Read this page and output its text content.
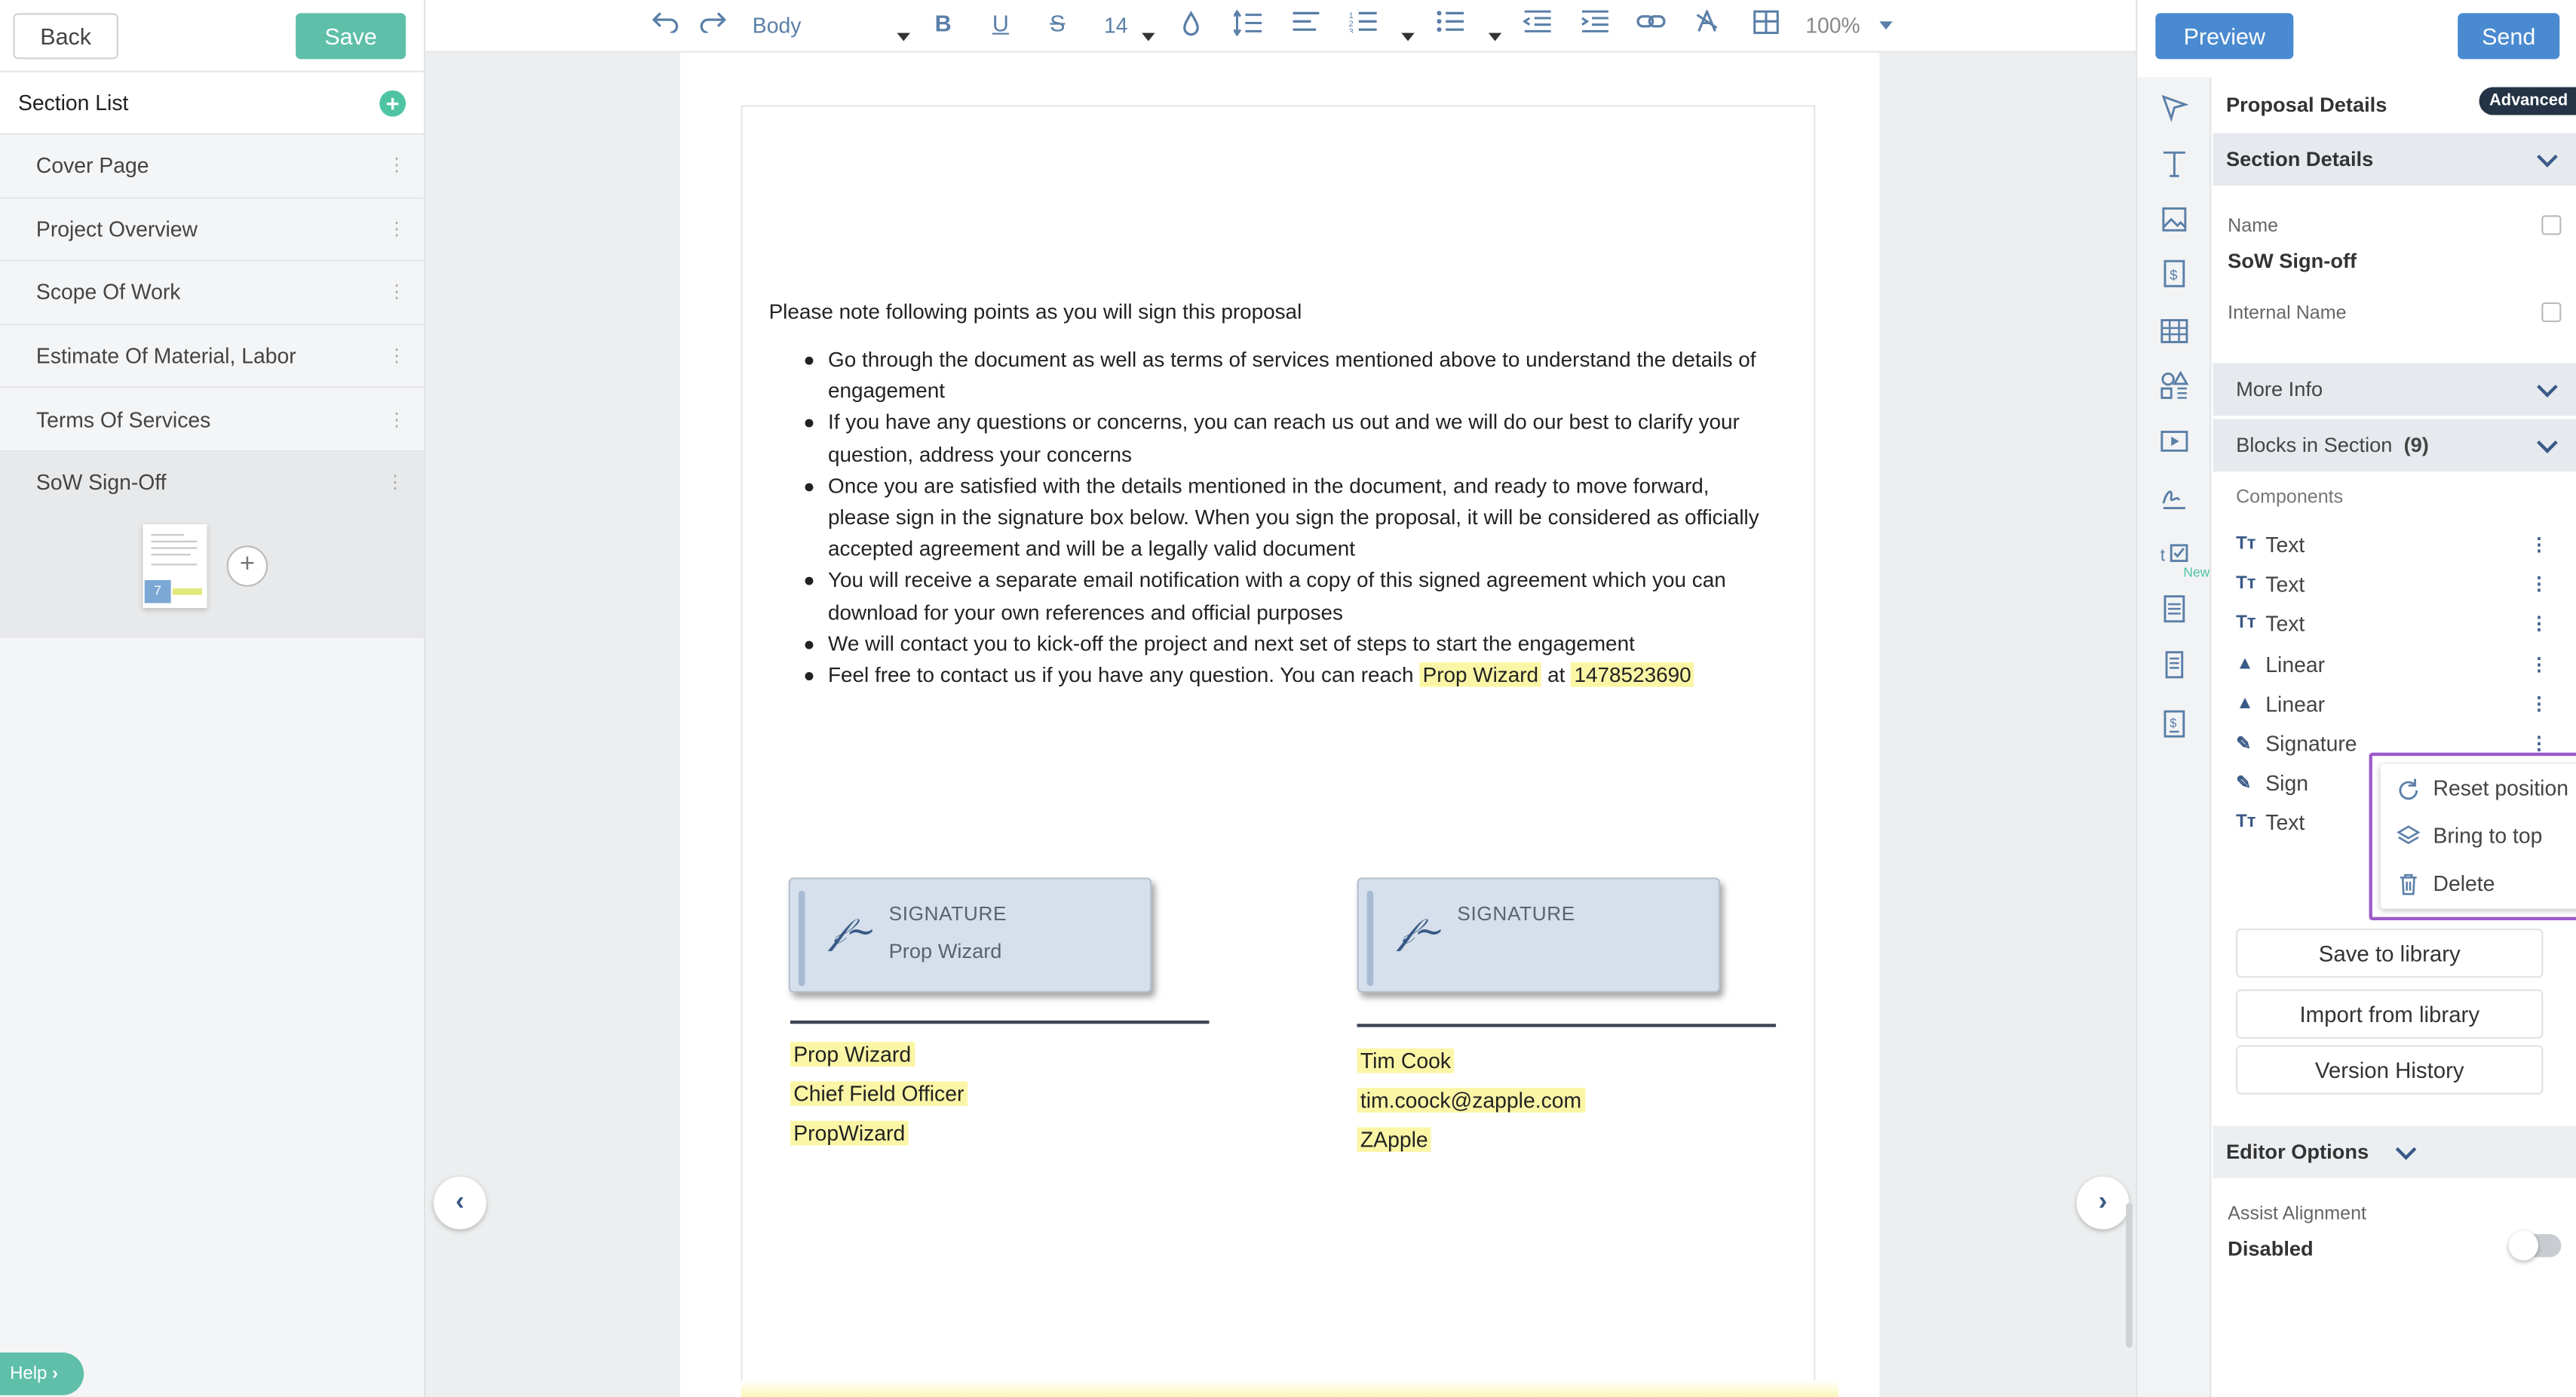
Back	Save
Section List	+
Cover Page	⋮
Project Overview	⋮
Scope Of Work	⋮
Estimate Of Material, Labor	⋮
Terms Of Services	⋮
SoW Sign-Off	⋮
7
+
Help
›
Body	B	U	S	14	1
2
3	100%
Please note following points as you will sign this proposal
Go through the document as well as terms of services mentioned above to understand the details of engagement
If you have any questions or concerns, you can reach us out and we will do our best to clarify your question, address your concerns
Once you are satisfied with the details mentioned in the document, and ready to move forward, please sign in the signature box below. When you sign the proposal, it will be considered as officially accepted agreement and will be a legally valid document
You will receive a separate email notification with a copy of this signed agreement which you can download for your own references and official purposes
We will contact you to kick-off the project and next set of steps to start the engagement
Feel free to contact us if you have any question. You can reach Prop Wizard at 1478523690
𝒻~ SIGNATURE
Prop Wizard	𝒻~ SIGNATURE
Prop Wizard
Chief Field Officer
PropWizard
Tim Cook
tim.coock@zapple.com
ZApple
‹	›
Preview	Send
$
t
New
$
Proposal Details	Advanced
Section Details
Name
SoW Sign-off
Internal Name
More Info
Blocks in Section (9)
Components
Tт Text	⋮
Tт Text	⋮
Tт Text	⋮
▲	Linear	⋮
▲	Linear	⋮
✎	Signature	⋮
✎	Sign
Tт Text
Reset position
Bring to top
Delete
Save to library
Import from library
Version History
Editor Options
Assist Alignment
Disabled
